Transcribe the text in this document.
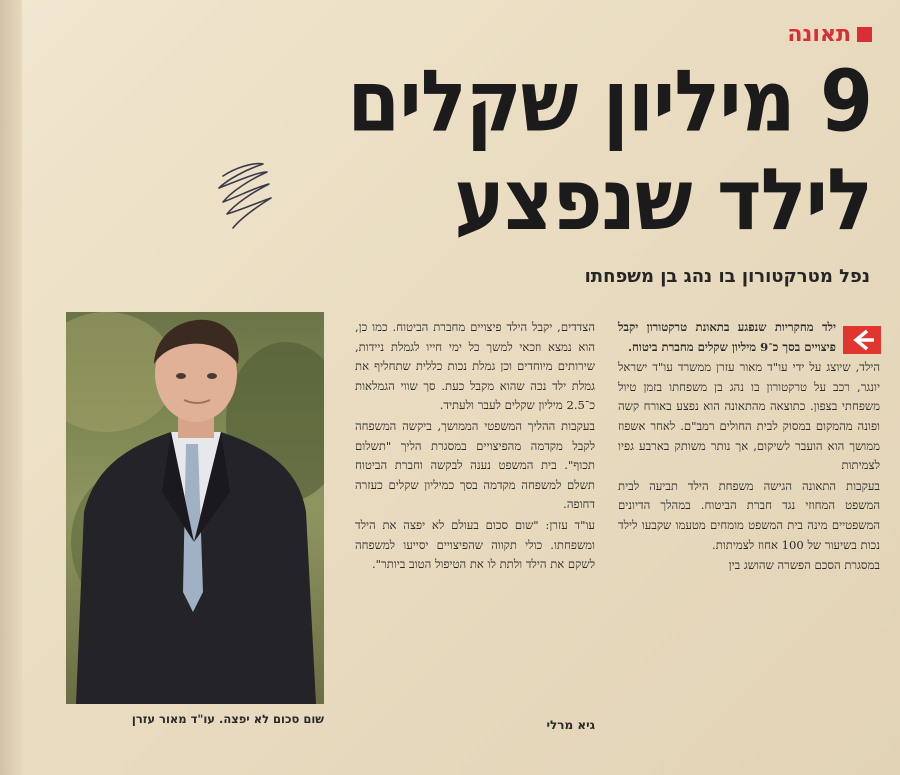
תאונה
9 מיליון שקלים
לילד שנפצע
נפל מטרקטורון בו נהג בן משפחתו

ילד מחקריות שנפגע בתאונת טרקטורון יקבל פיצויים בסך כ־9 מיליון שקלים מחברת ביטוח.

הילד, שיוצג על ידי עו"ד מאור עזרן ממשרד עו"ד ישראל יונגר, רכב על טרקטורון בו נהג בן משפחתו בזמן טיול משפחתי בצפון. כתוצאה מהתאונה הוא נפצע באורח קשה ופונה מהמקום במסוק לבית החולים רמב"ם. לאחר אשפוז ממושך הוא הועבר לשיקום, אך נותר משותק בארבע גפיו לצמיתות

בעקבות התאונה הגישה משפחת הילד תביעה לבית המשפט המחוזי נגד חברת הביטוח. במהלך הדיונים המשפטיים מינה בית המשפט מומחים מטעמו שקבעו לילד נכות בשיעור של 100 אחוז לצמיתות.

במסגרת הסכם הפשרה שהושג בין

הצדדים, יקבל הילד פיצויים מחברת הביטוח. כמו כן, הוא נמצא וזכאי למשך כל ימי חייו לגמלת ניידות, שירותים מיוחדים וכן גמלת נכות כללית שתחליף את גמלת ילד נכה שהוא מקבל כעת. סך שווי הגמלאות כ־2.5 מיליון שקלים לעבר ולעתיד.

בעקבות ההליך המשפטי הממושך, ביקשה המשפחה לקבל מקדמה מהפיצויים במסגרת הליך "תשלום תכוף". בית המשפט נענה לבקשה וחברת הביטוח תשלם למשפחה מקדמה בסך כמיליון שקלים כעזרה דחופה.

עו"ד עזרן: "שום סכום בעולם לא יפצה את הילד ומשפחתו. כולי תקווה שהפיצויים יסייעו למשפחה לשקם את הילד ולתת לו את הטיפול הטוב ביותר".

גיא מרלי
שום סכום לא יפצה. עו"ד מאור עזרן
